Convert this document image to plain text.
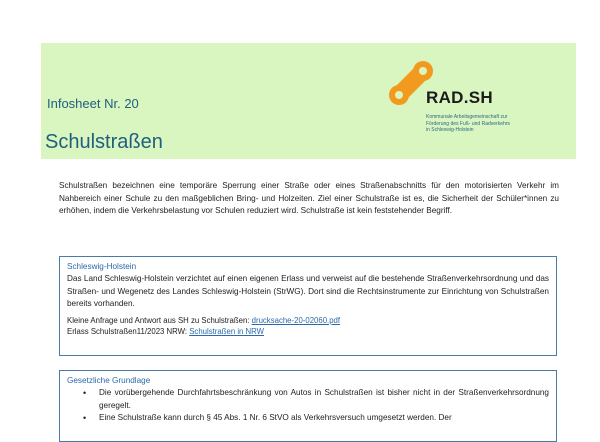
Infosheet Nr. 20
Schulstraßen
RAD.SH
Kommunale Arbeitsgemeinschaft zur
Förderung des Fuß- und Radverkehrs
in Schleswig-Holstein
Schulstraßen bezeichnen eine temporäre Sperrung einer Straße oder eines Straßenabschnitts für den motorisierten Verkehr im Nahbereich einer Schule zu den maßgeblichen Bring- und Holzeiten. Ziel einer Schulstraße ist es, die Sicherheit der Schüler*innen zu erhöhen, indem die Verkehrsbelastung vor Schulen reduziert wird. Schulstraße ist kein feststehender Begriff.
Schleswig-Holstein
Das Land Schleswig-Holstein verzichtet auf einen eigenen Erlass und verweist auf die bestehende Straßenverkehrsordnung und das Straßen- und Wegenetz des Landes Schleswig-Holstein (StrWG). Dort sind die Rechtsinstrumente zur Einrichtung von Schulstraßen bereits vorhanden.
Kleine Anfrage und Antwort aus SH zu Schulstraßen: drucksache-20-02060.pdf
Erlass Schulstraßen11/2023 NRW: Schulstraßen in NRW
Gesetzliche Grundlage
• Die vorübergehende Durchfahrtsbeschränkung von Autos in Schulstraßen ist bisher nicht in der Straßenverkehrsordnung geregelt.
• Eine Schulstraße kann durch § 45 Abs. 1 Nr. 6 StVO als Verkehrsversuch umgesetzt werden. Der
